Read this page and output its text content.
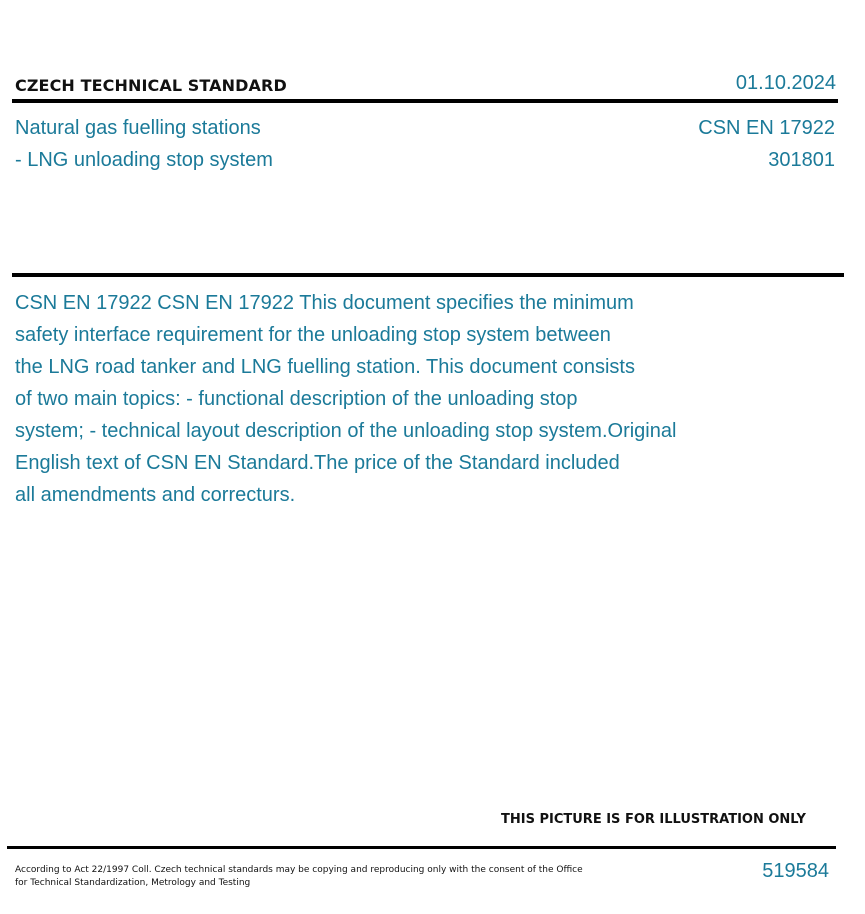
CZECH TECHNICAL STANDARD	01.10.2024
Natural gas fuelling stations
- LNG unloading stop system
CSN EN 17922
301801
CSN EN 17922 CSN EN 17922 This document specifies the minimum
safety interface requirement for the unloading stop system between
the LNG road tanker and LNG fuelling station. This document consists
of two main topics: - functional description of the unloading stop
system; - technical layout description of the unloading stop system.Original
English text of CSN EN Standard.The price of the Standard included
all amendments and correcturs.
THIS PICTURE IS FOR ILLUSTRATION ONLY
According to Act 22/1997 Coll. Czech technical standards may be copying and reproducing only with the consent of the Office
for Technical Standardization, Metrology and Testing
519584
